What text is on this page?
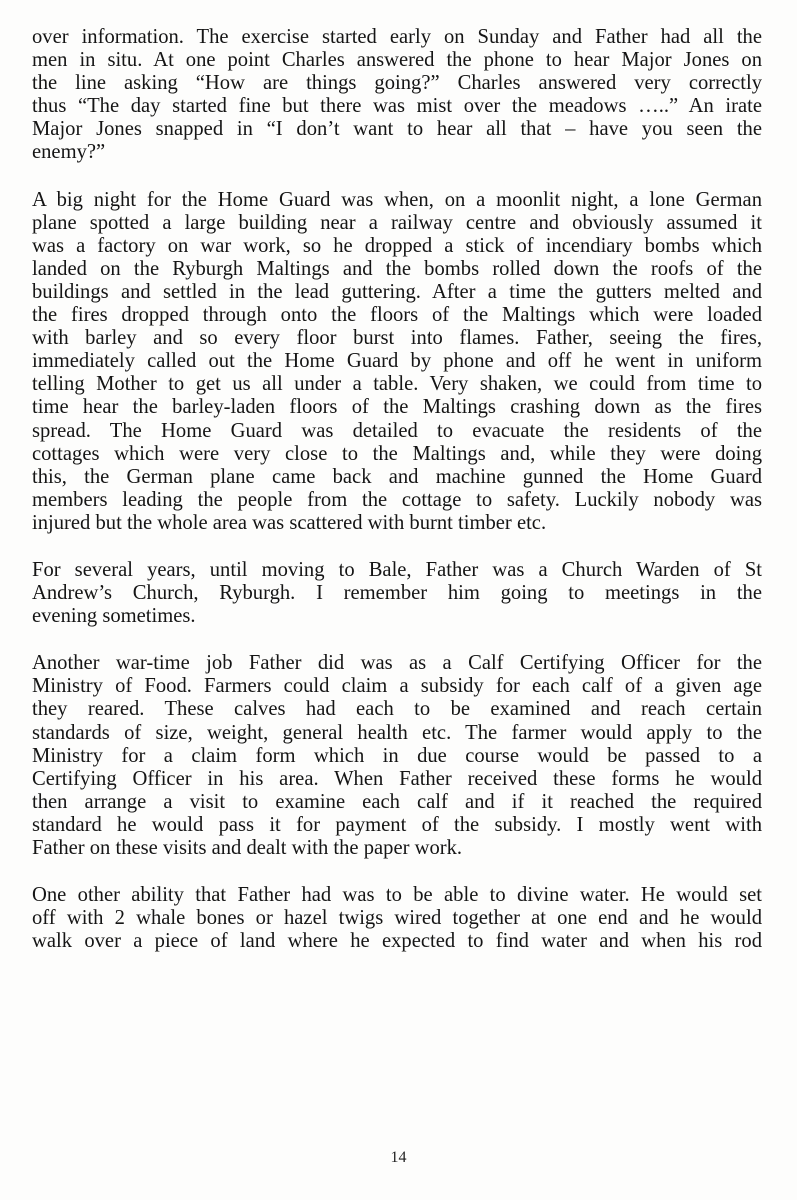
over information. The exercise started early on Sunday and Father had all the
men in situ. At one point Charles answered the phone to hear Major Jones on
the line asking “How are things going?” Charles answered very correctly
thus “The day started fine but there was mist over the meadows …..” An irate
Major Jones snapped in “I don’t want to hear all that – have you seen the
enemy?”

A big night for the Home Guard was when, on a moonlit night, a lone German
plane spotted a large building near a railway centre and obviously assumed it
was a factory on war work, so he dropped a stick of incendiary bombs which
landed on the Ryburgh Maltings and the bombs rolled down the roofs of the
buildings and settled in the lead guttering. After a time the gutters melted and
the fires dropped through onto the floors of the Maltings which were loaded
with barley and so every floor burst into flames. Father, seeing the fires,
immediately called out the Home Guard by phone and off he went in uniform
telling Mother to get us all under a table. Very shaken, we could from time to
time hear the barley-laden floors of the Maltings crashing down as the fires
spread. The Home Guard was detailed to evacuate the residents of the
cottages which were very close to the Maltings and, while they were doing
this, the German plane came back and machine gunned the Home Guard
members leading the people from the cottage to safety. Luckily nobody was
injured but the whole area was scattered with burnt timber etc.

For several years, until moving to Bale, Father was a Church Warden of St
Andrew’s Church, Ryburgh. I remember him going to meetings in the
evening sometimes.

Another war-time job Father did was as a Calf Certifying Officer for the
Ministry of Food. Farmers could claim a subsidy for each calf of a given age
they reared. These calves had each to be examined and reach certain
standards of size, weight, general health etc. The farmer would apply to the
Ministry for a claim form which in due course would be passed to a
Certifying Officer in his area. When Father received these forms he would
then arrange a visit to examine each calf and if it reached the required
standard he would pass it for payment of the subsidy. I mostly went with
Father on these visits and dealt with the paper work.

One other ability that Father had was to be able to divine water. He would set
off with 2 whale bones or hazel twigs wired together at one end and he would
walk over a piece of land where he expected to find water and when his rod

14
